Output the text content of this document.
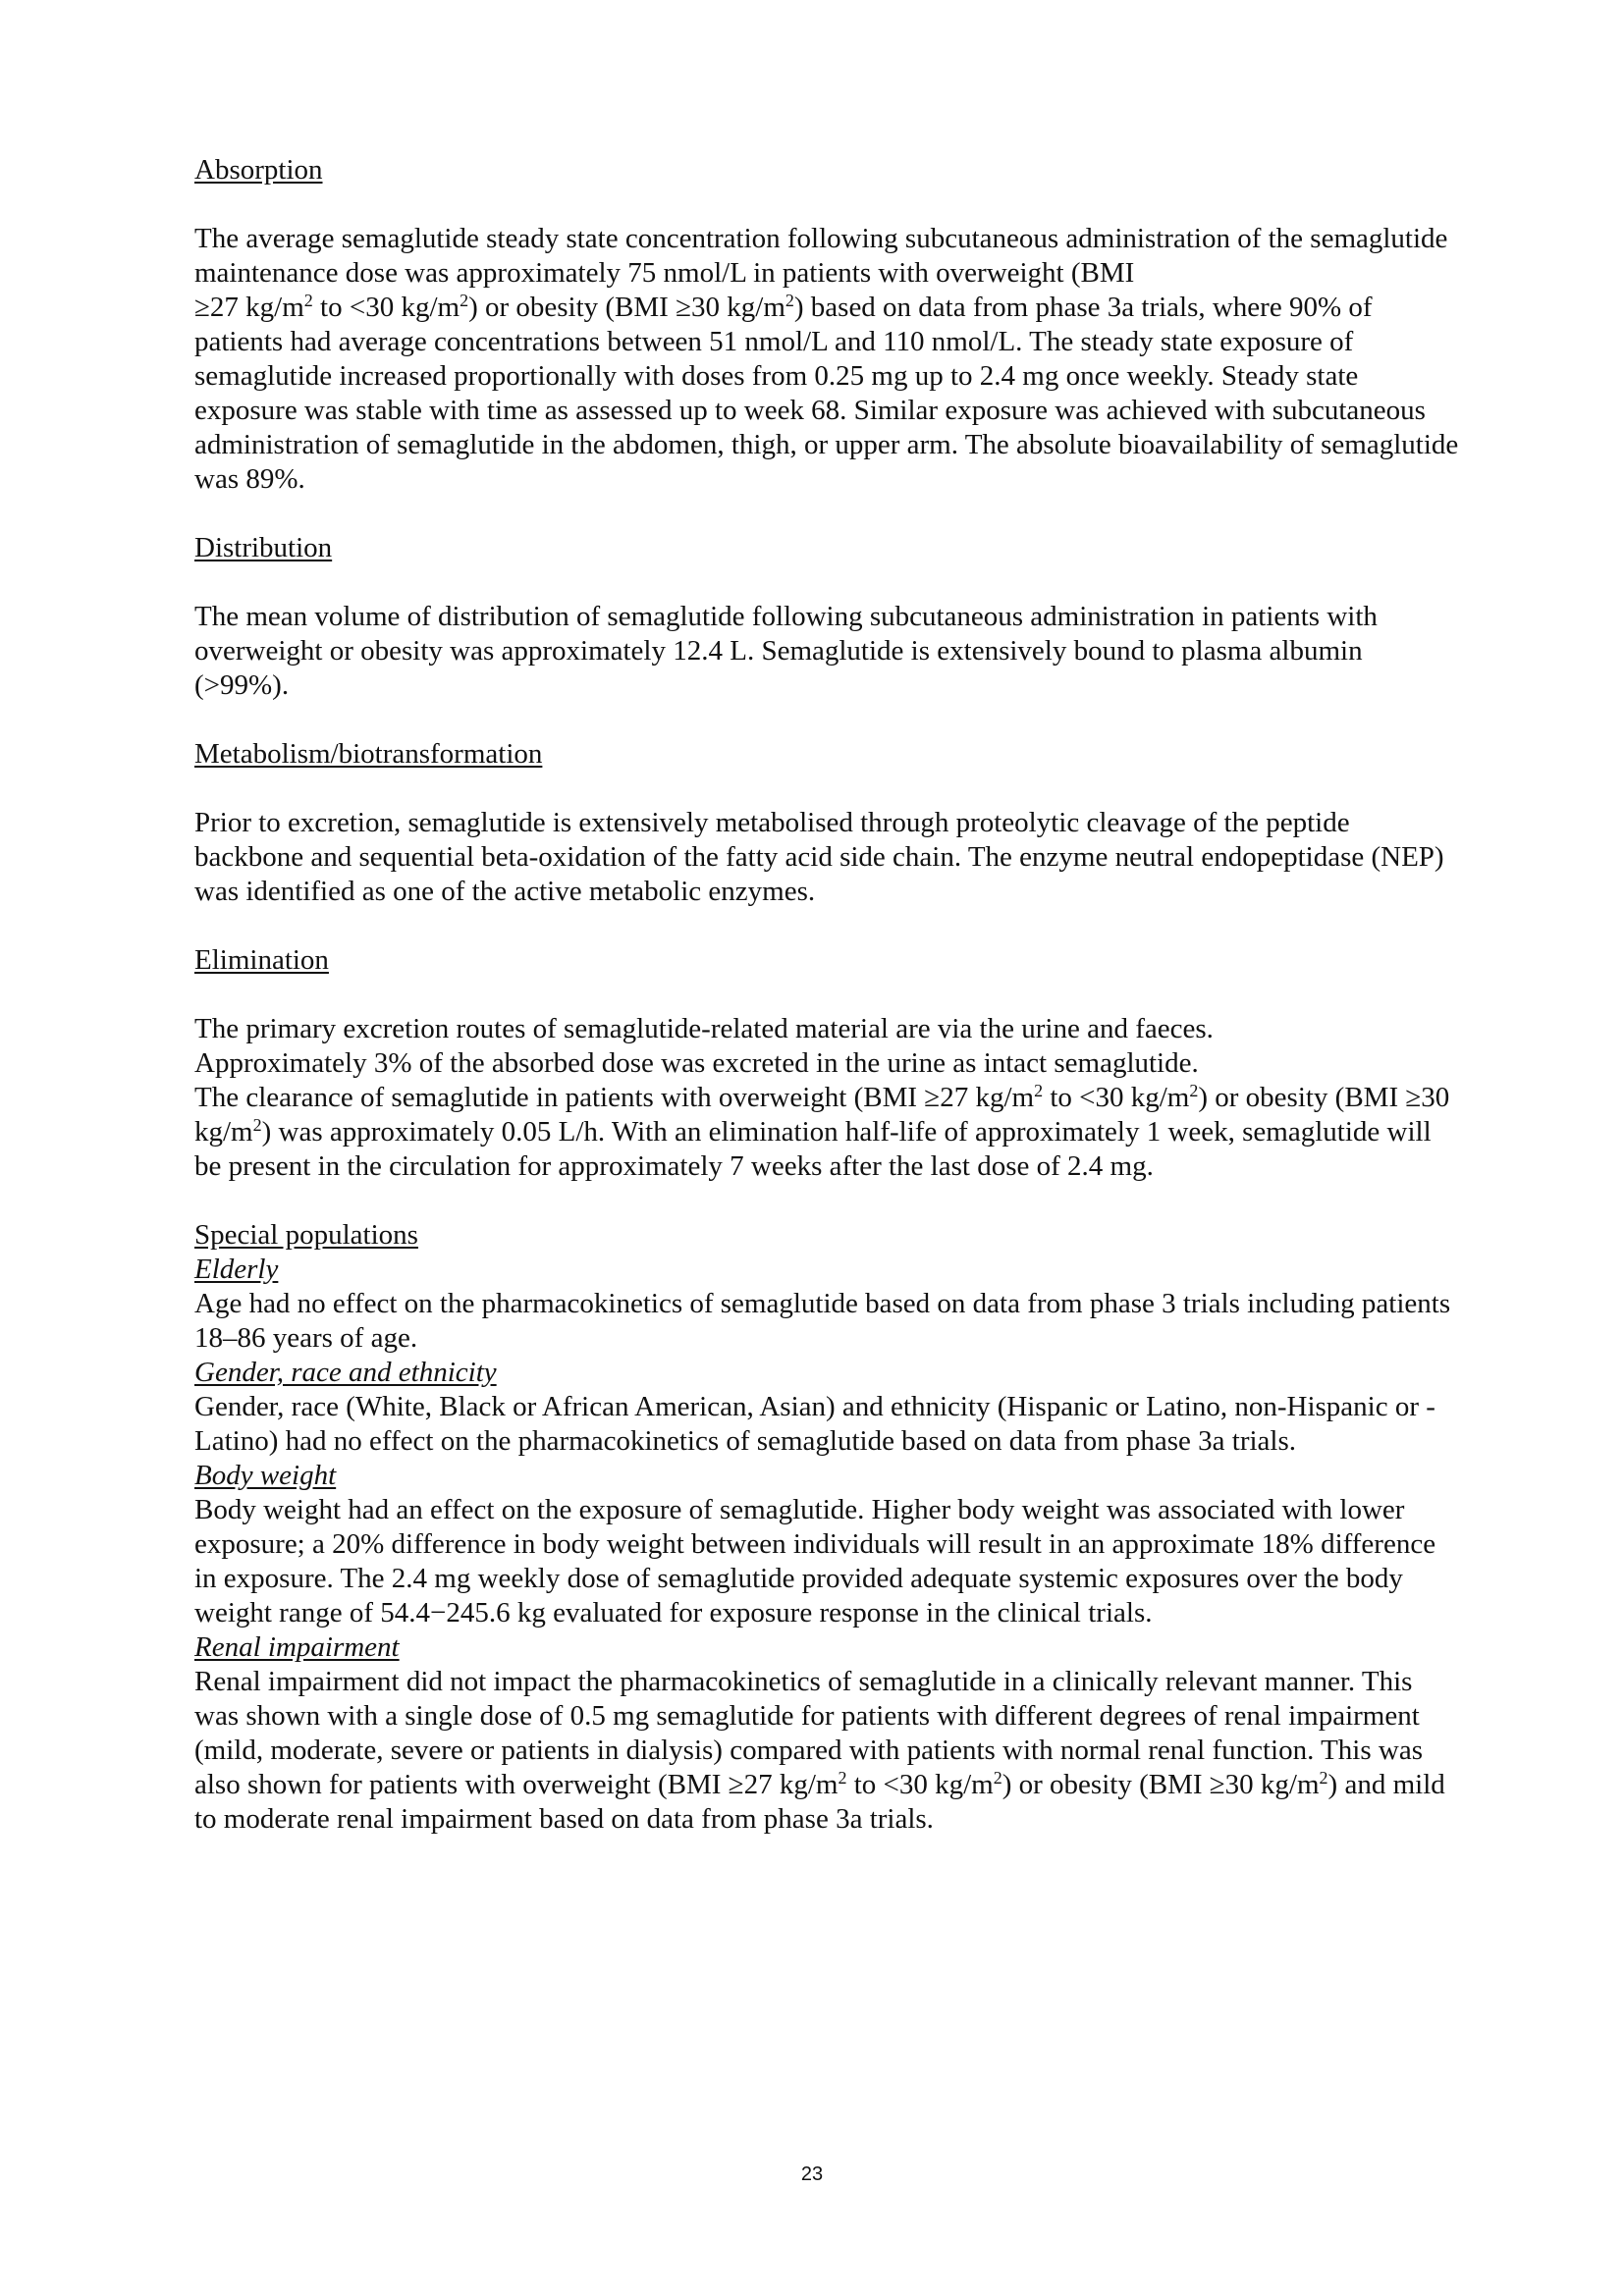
Absorption

The average semaglutide steady state concentration following subcutaneous administration of the semaglutide maintenance dose was approximately 75 nmol/L in patients with overweight (BMI
≥27 $kg/m^2$ to <30 $kg/m^2$) or obesity (BMI ≥30 $kg/m^2$) based on data from phase 3a trials, where 90% of patients had average concentrations between 51 nmol/L and 110 nmol/L. The steady state exposure of semaglutide increased proportionally with doses from 0.25 mg up to 2.4 mg once weekly. Steady state exposure was stable with time as assessed up to week 68. Similar exposure was achieved with subcutaneous administration of semaglutide in the abdomen, thigh, or upper arm. The absolute bioavailability of semaglutide was 89%.

Distribution

The mean volume of distribution of semaglutide following subcutaneous administration in patients with overweight or obesity was approximately 12.4 L. Semaglutide is extensively bound to plasma albumin (>99%).

Metabolism/biotransformation

Prior to excretion, semaglutide is extensively metabolised through proteolytic cleavage of the peptide backbone and sequential beta-oxidation of the fatty acid side chain. The enzyme neutral endopeptidase (NEP) was identified as one of the active metabolic enzymes.

Elimination

The primary excretion routes of semaglutide-related material are via the urine and faeces.
Approximately 3% of the absorbed dose was excreted in the urine as intact semaglutide.
The clearance of semaglutide in patients with overweight (BMI ≥27 $kg/m^2$ to <30 $kg/m^2$) or obesity (BMI ≥30 $kg/m^2$) was approximately 0.05 L/h. With an elimination half-life of approximately 1 week, semaglutide will be present in the circulation for approximately 7 weeks after the last dose of 2.4 mg.

Special populations

Elderly

Age had no effect on the pharmacokinetics of semaglutide based on data from phase 3 trials including patients 18–86 years of age.

Gender, race and ethnicity

Gender, race (White, Black or African American, Asian) and ethnicity (Hispanic or Latino, non-Hispanic or -Latino) had no effect on the pharmacokinetics of semaglutide based on data from phase 3a trials.

Body weight

Body weight had an effect on the exposure of semaglutide. Higher body weight was associated with lower exposure; a 20% difference in body weight between individuals will result in an approximate 18% difference in exposure. The 2.4 mg weekly dose of semaglutide provided adequate systemic exposures over the body weight range of 54.4−245.6 kg evaluated for exposure response in the clinical trials.

Renal impairment

Renal impairment did not impact the pharmacokinetics of semaglutide in a clinically relevant manner. This was shown with a single dose of 0.5 mg semaglutide for patients with different degrees of renal impairment (mild, moderate, severe or patients in dialysis) compared with patients with normal renal function. This was also shown for patients with overweight (BMI ≥27 $kg/m^2$ to <30 $kg/m^2$) or obesity (BMI ≥30 $kg/m^2$) and mild to moderate renal impairment based on data from phase 3a trials.

23
